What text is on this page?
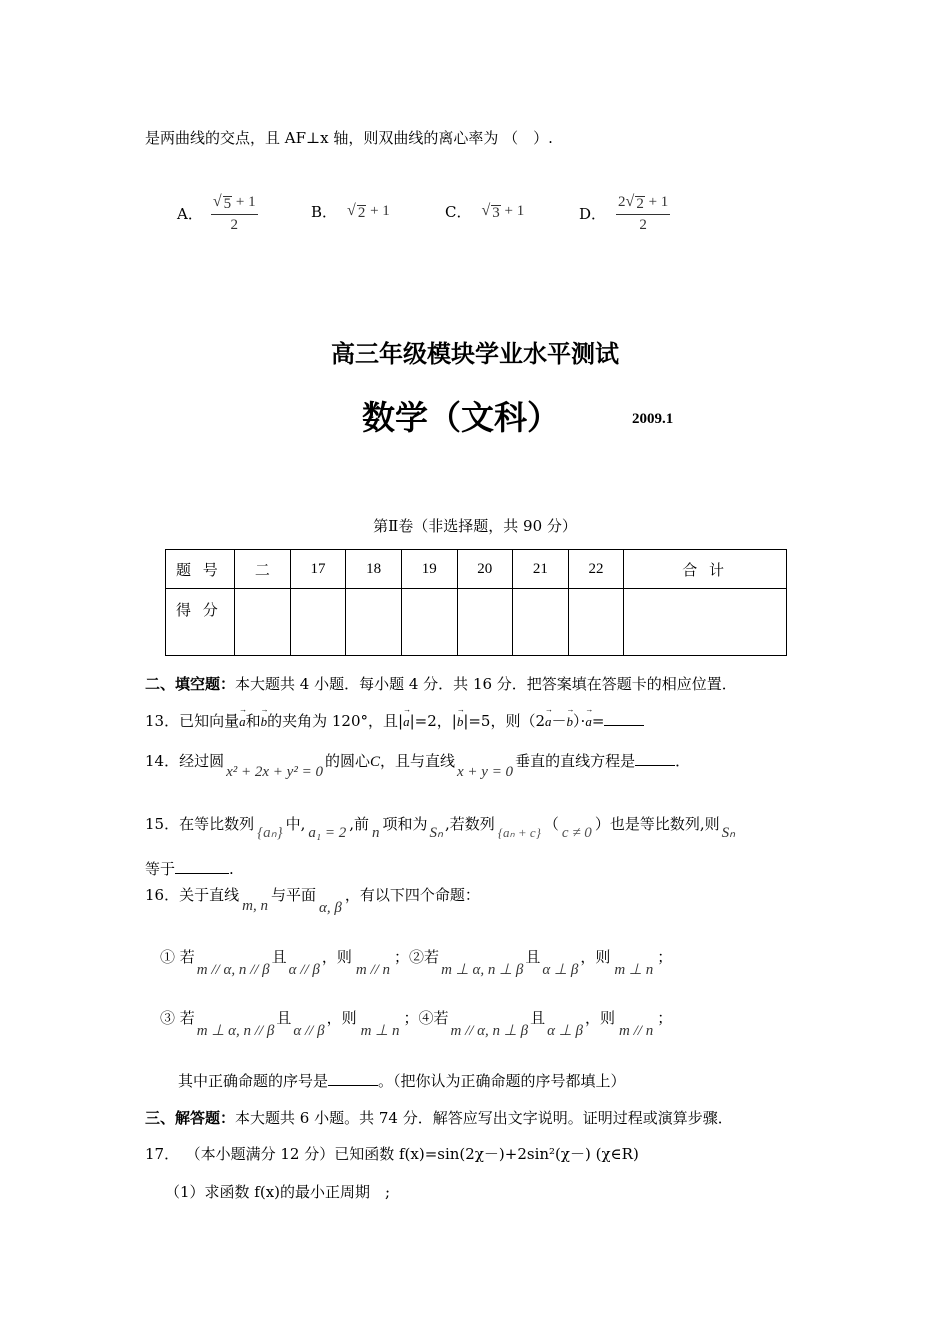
是两曲线的交点，且 AF⊥x 轴，则双曲线的离心率为 （　）.
A． $\frac{√ 5 + 1}{2}$	B． √ 2 + 1	C． √ 3 + 1	D． $\frac{2 √ 2 + 1}{2}$
高三年级模块学业水平测试
数学（文科）	2009.1
第Ⅱ卷（非选择题，共 90 分）
题 号	二	17	18	19	20	21	22	合 计
得 分								
二、填空题：本大题共 4 小题．每小题 4 分．共 16 分．把答案填在答题卡的相应位置．
13．已知向量→ a和→ b的夹角为 120°，且|→ a|=2，|→ b|=5，则（2→ a－→ b）·→ a=
14．经过圆x² + 2x + y² = 0的圆心C，且与直线x + y = 0垂直的直线方程是	．
15．在等比数列 {aₙ} 中, a₁ = 2 ,前 n 项和为 Sₙ ,若数列 {aₙ + c} （ c ≠ 0 ）也是等比数列,则 Sₙ
等于	.
16．关于直线m, n与平面α, β，有以下四个命题：
① 若m // α, n // β且α // β，则m // n；②若m ⊥ α, n ⊥ β且α ⊥ β，则m ⊥ n；
③ 若m ⊥ α, n // β且α // β，则m ⊥ n；④若m // α, n ⊥ β且α ⊥ β，则m // n；
其中正确命题的序号是	。（把你认为正确命题的序号都填上）
三、解答题：本大题共 6 小题。共 74 分．解答应写出文字说明。证明过程或演算步骤．
17． （本小题满分 12 分）已知函数 f(x)=sin(2χ－)+2sin²(χ－) (χ∈R)
（1）求函数 f(x)的最小正周期　;
